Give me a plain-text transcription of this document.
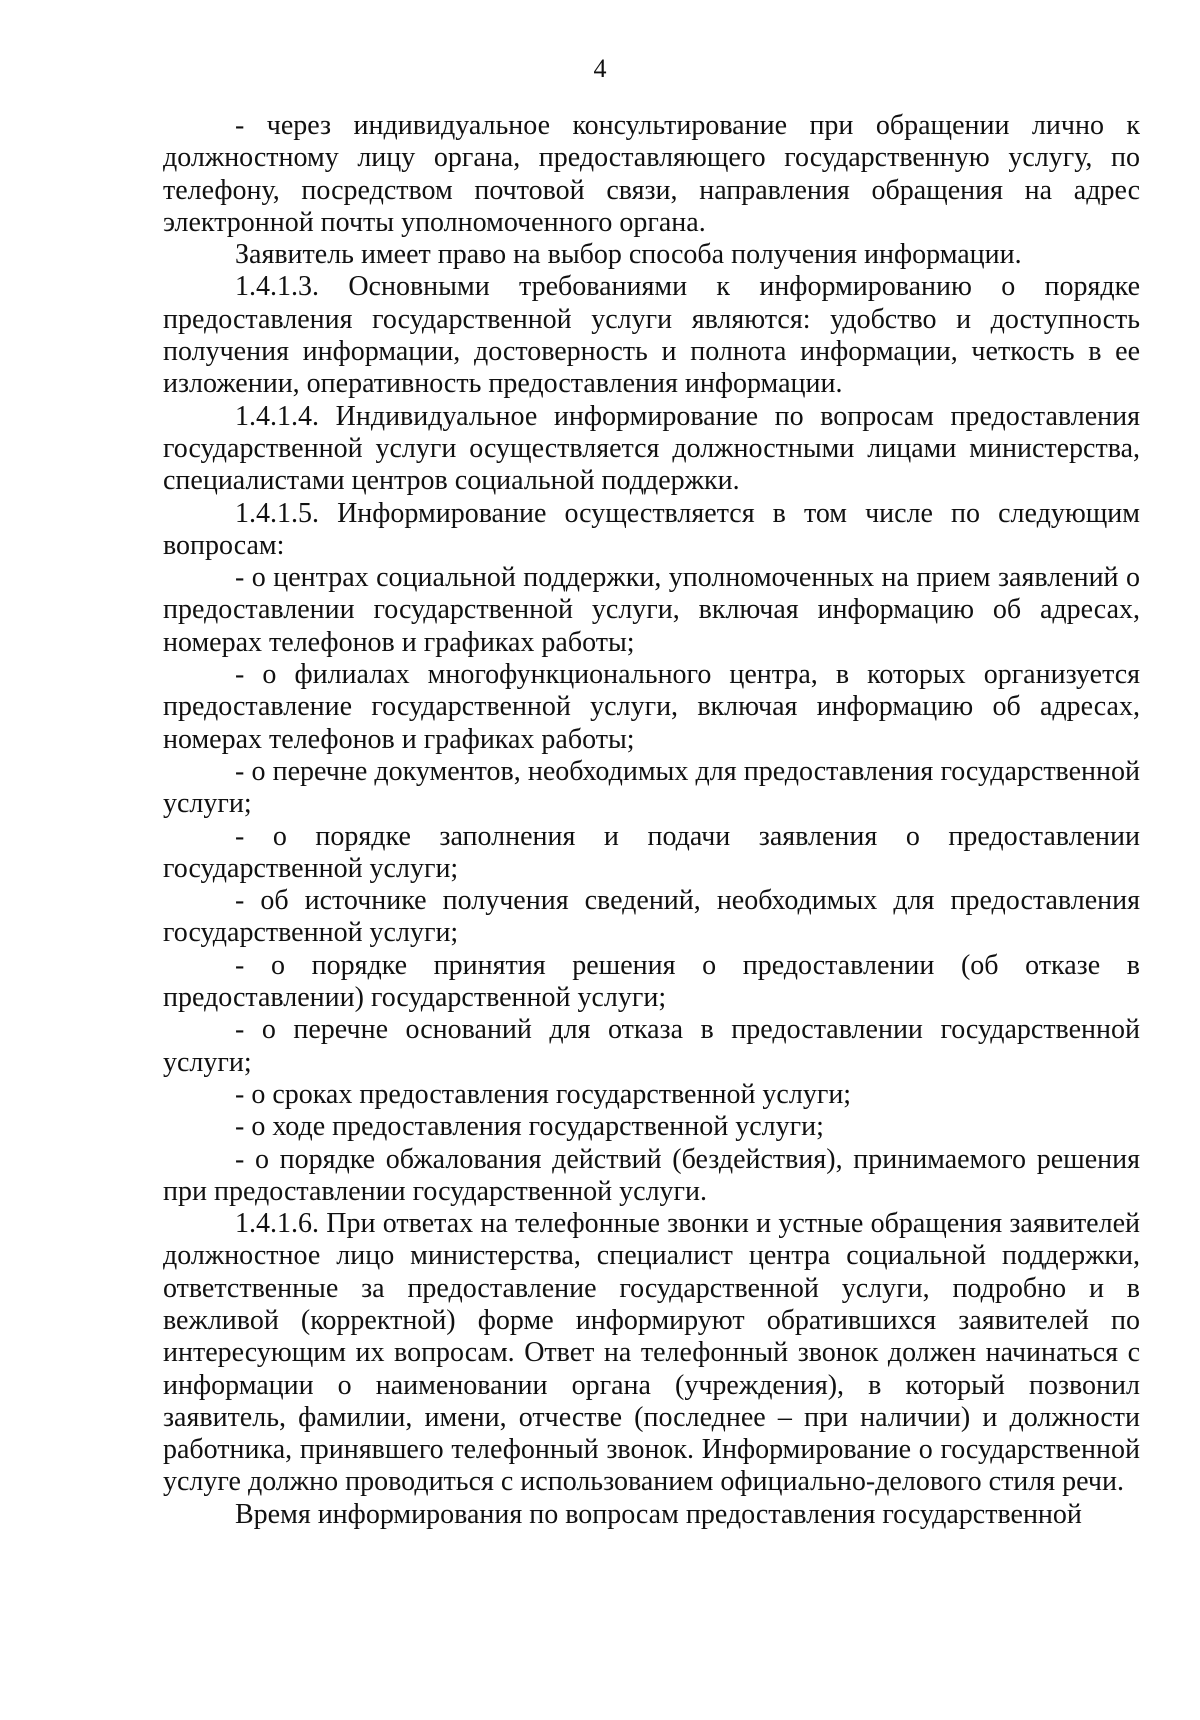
4

- через индивидуальное консультирование при обращении лично к должностному лицу органа, предоставляющего государственную услугу, по телефону, посредством почтовой связи, направления обращения на адрес электронной почты уполномоченного органа.

Заявитель имеет право на выбор способа получения информации.

1.4.1.3. Основными требованиями к информированию о порядке предоставления государственной услуги являются: удобство и доступность получения информации, достоверность и полнота информации, четкость в ее изложении, оперативность предоставления информации.

1.4.1.4. Индивидуальное информирование по вопросам предоставления государственной услуги осуществляется должностными лицами министерства, специалистами центров социальной поддержки.

1.4.1.5. Информирование осуществляется в том числе по следующим вопросам:

- о центрах социальной поддержки, уполномоченных на прием заявлений о предоставлении государственной услуги, включая информацию об адресах, номерах телефонов и графиках работы;

- о филиалах многофункционального центра, в которых организуется предоставление государственной услуги, включая информацию об адресах, номерах телефонов и графиках работы;

- о перечне документов, необходимых для предоставления государственной услуги;

- о порядке заполнения и подачи заявления о предоставлении государственной услуги;

- об источнике получения сведений, необходимых для предоставления государственной услуги;

- о порядке принятия решения о предоставлении (об отказе в предоставлении) государственной услуги;

- о перечне оснований для отказа в предоставлении государственной услуги;

- о сроках предоставления государственной услуги;

- о ходе предоставления государственной услуги;

- о порядке обжалования действий (бездействия), принимаемого решения при предоставлении государственной услуги.

1.4.1.6. При ответах на телефонные звонки и устные обращения заявителей должностное лицо министерства, специалист центра социальной поддержки, ответственные за предоставление государственной услуги, подробно и в вежливой (корректной) форме информируют обратившихся заявителей по интересующим их вопросам. Ответ на телефонный звонок должен начинаться с информации о наименовании органа (учреждения), в который позвонил заявитель, фамилии, имени, отчестве (последнее – при наличии) и должности работника, принявшего телефонный звонок. Информирование о государственной услуге должно проводиться с использованием официально-делового стиля речи.

Время информирования по вопросам предоставления государственной
